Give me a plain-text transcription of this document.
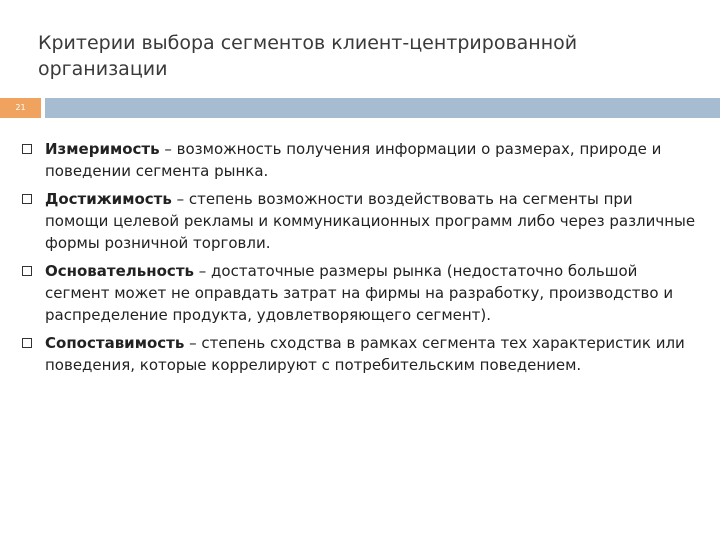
Критерии выбора сегментов клиент-центрированной организации
21
Измеримость – возможность получения информации о размерах, природе и поведении сегмента рынка.
Достижимость – степень возможности воздействовать на сегменты при помощи целевой рекламы и коммуникационных программ либо через различные формы розничной торговли.
Основательность – достаточные размеры рынка (недостаточно большой сегмент может не оправдать затрат на фирмы на разработку, производство и распределение продукта, удовлетворяющего сегмент).
Сопоставимость – степень сходства в рамках сегмента тех характеристик или поведения, которые коррелируют с потребительским поведением.
